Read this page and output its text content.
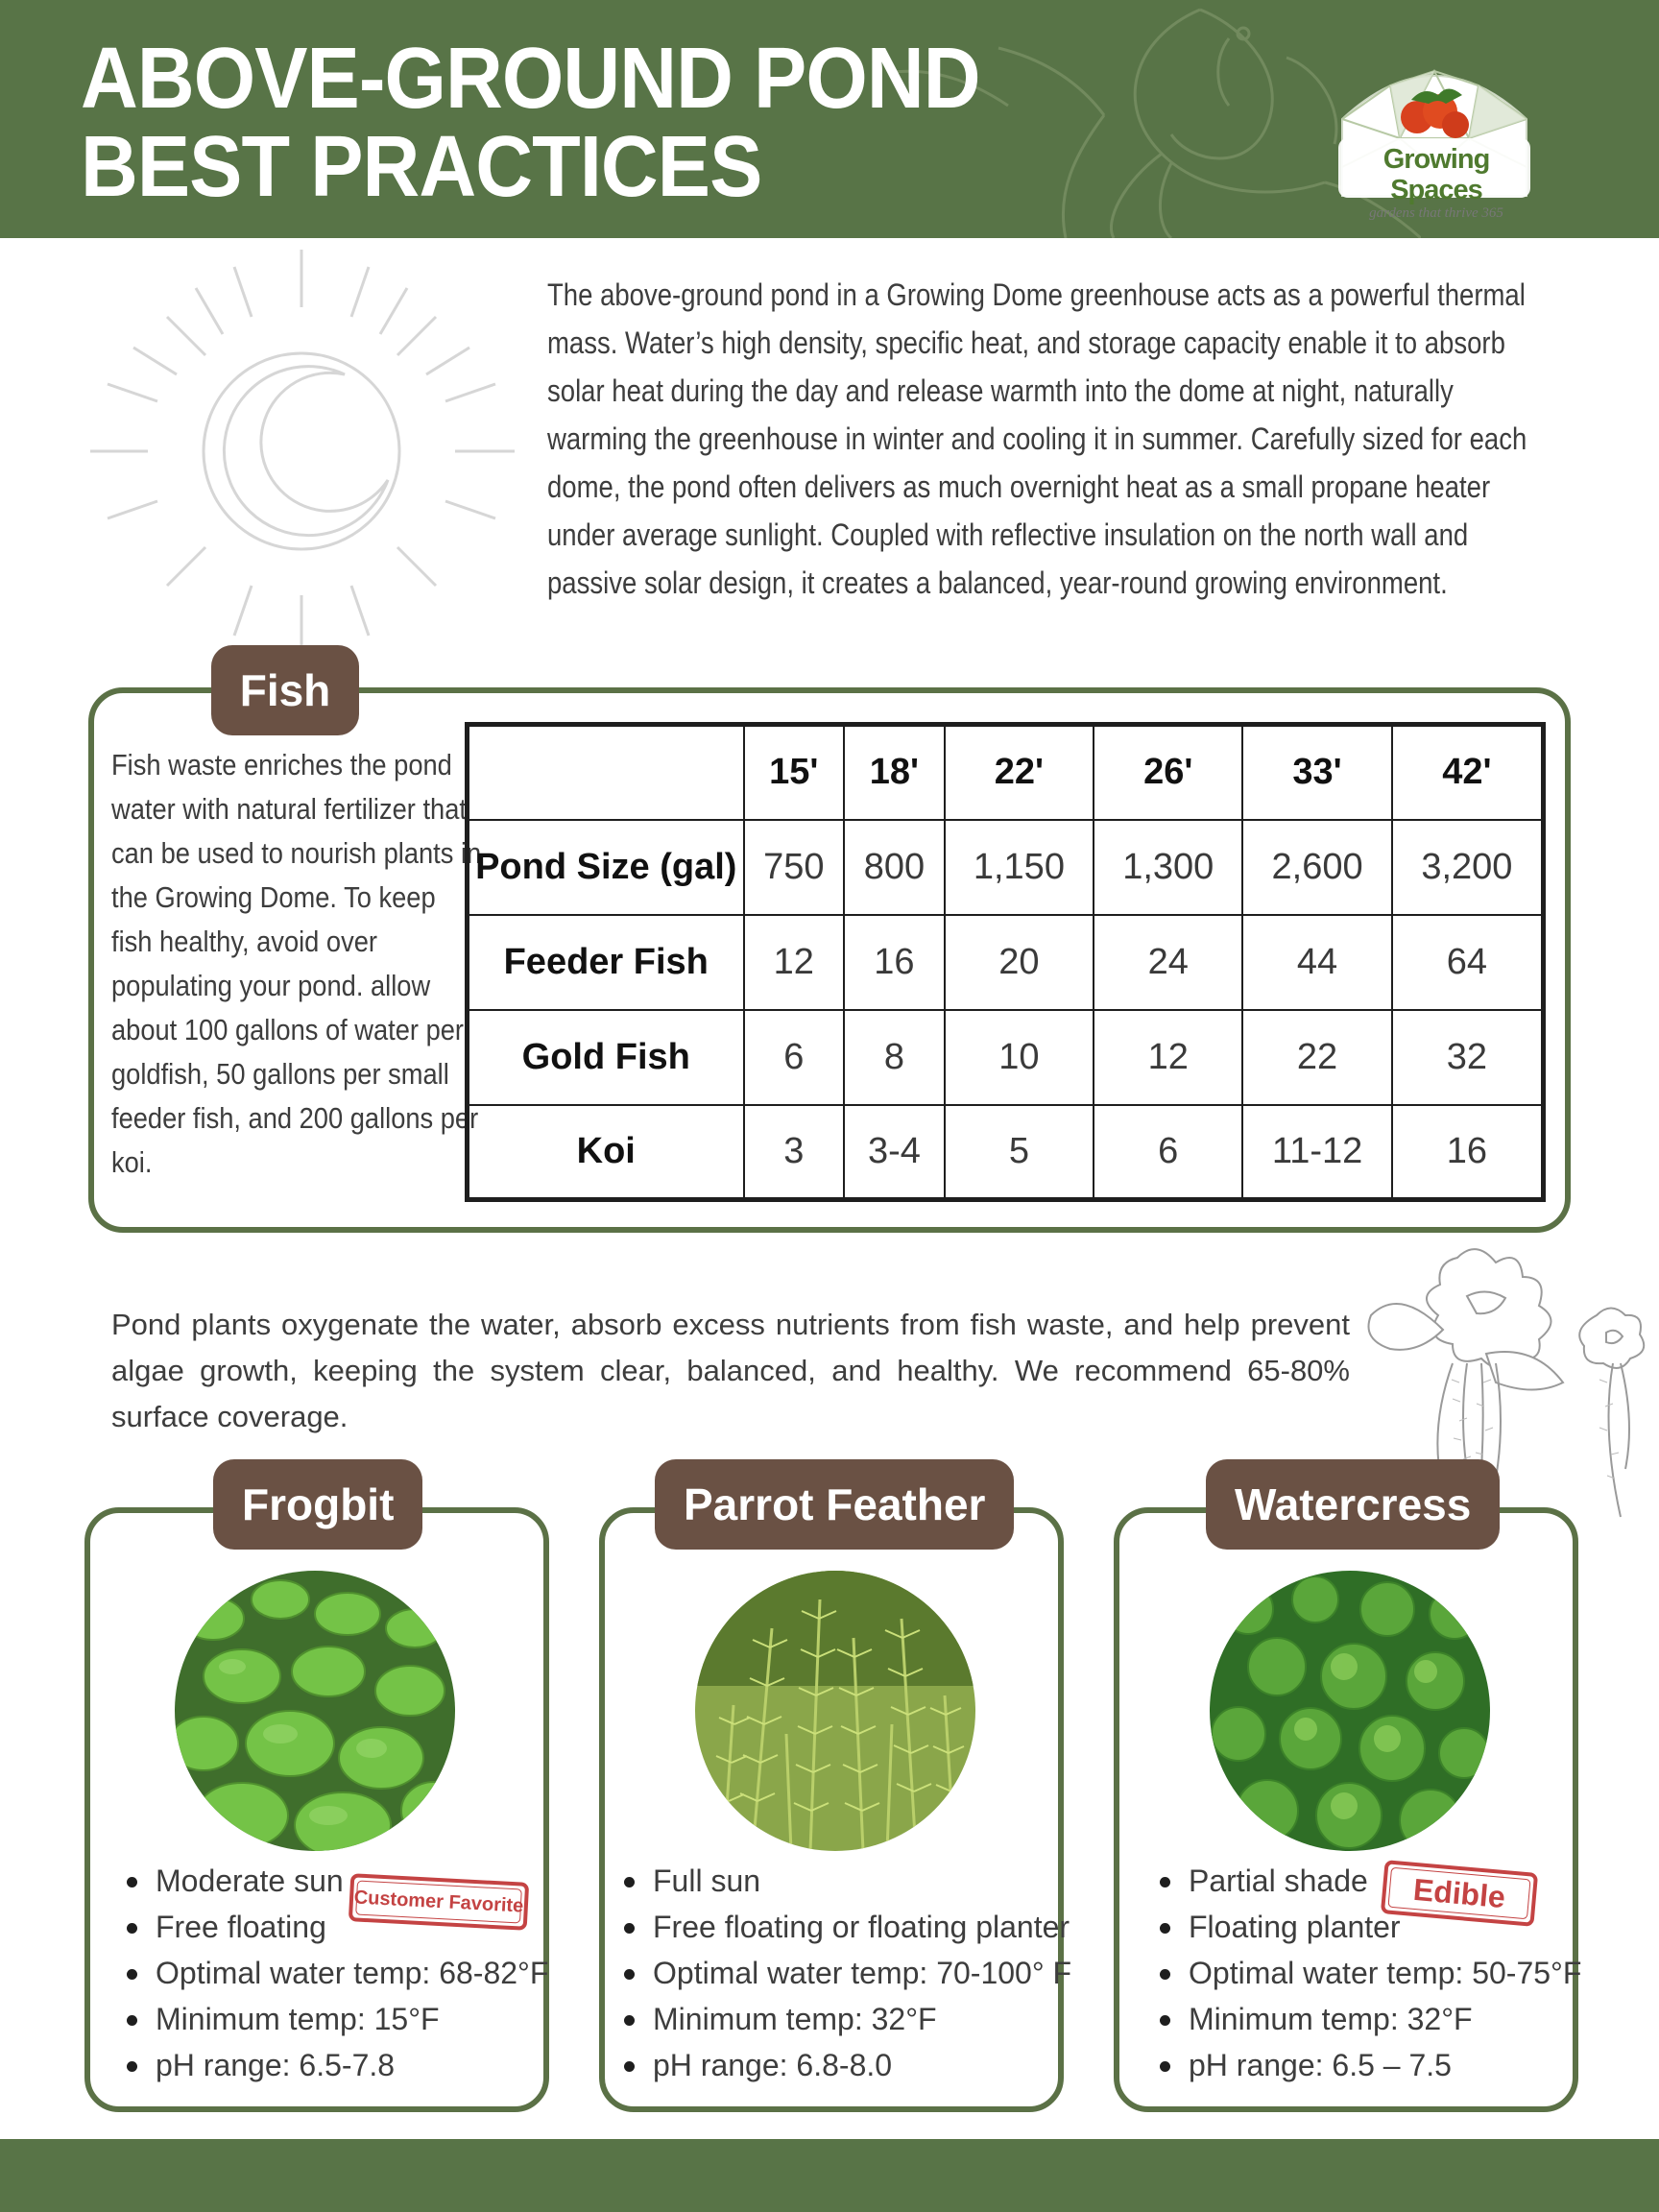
ABOVE-GROUND POND
BEST PRACTICES	Growing Spaces
gardens that thrive 365

The above-ground pond in a Growing Dome greenhouse acts as a powerful thermal mass. Water’s high density, specific heat, and storage capacity enable it to absorb solar heat during the day and release warmth into the dome at night, naturally warming the greenhouse in winter and cooling it in summer. Carefully sized for each dome, the pond often delivers as much overnight heat as a small propane heater under average sunlight. Coupled with reflective insulation on the north wall and passive solar design, it creates a balanced, year-round growing environment.

Fish

Fish waste enriches the pond water with natural fertilizer that can be used to nourish plants in the Growing Dome. To keep fish healthy, avoid over populating your pond. allow about 100 gallons of water per goldfish, 50 gallons per small feeder fish, and 200 gallons per koi.

	15'	18'	22'	26'	33'	42'
Pond Size (gal)	750	800	1,150	1,300	2,600	3,200
Feeder Fish	12	16	20	24	44	64
Gold Fish	6	8	10	12	22	32
Koi	3	3-4	5	6	11-12	16

Pond plants oxygenate the water, absorb excess nutrients from fish waste, and help prevent algae growth, keeping the system clear, balanced, and healthy. We recommend 65-80% surface coverage.

Frogbit
Moderate sun
Free floating
Optimal water temp: 68-82°F
Minimum temp: 15°F
pH range: 6.5-7.8
Customer Favorite
Parrot Feather
Full sun
Free floating or floating planter
Optimal water temp: 70-100° F
Minimum temp: 32°F
pH range: 6.8-8.0
Watercress
Partial shade
Floating planter
Optimal water temp: 50-75°F
Minimum temp: 32°F
pH range: 6.5 – 7.5
Edible
